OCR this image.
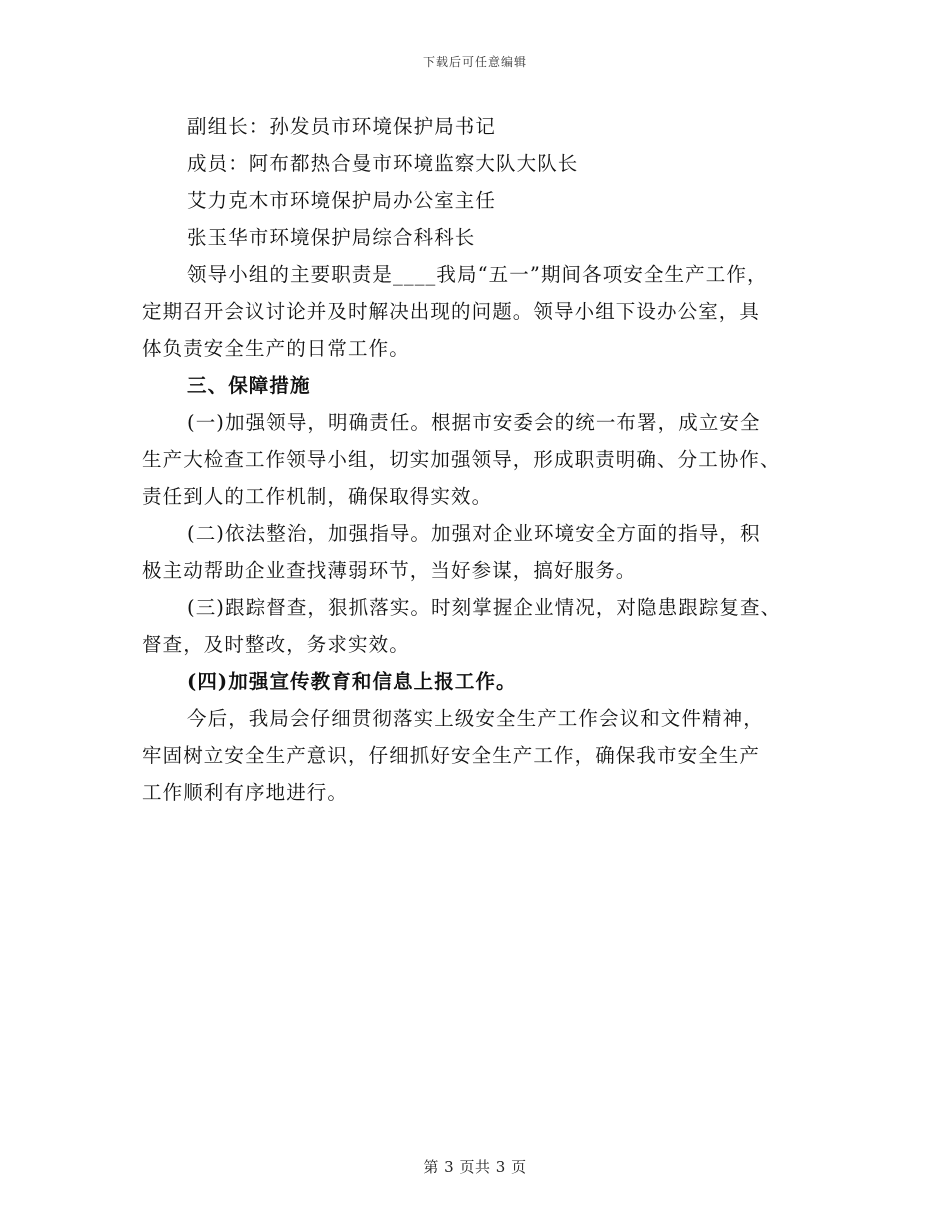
下载后可任意编辑
副组长：孙发员市环境保护局书记
成员：阿布都热合曼市环境监察大队大队长
艾力克木市环境保护局办公室主任
张玉华市环境保护局综合科科长
领导小组的主要职责是____我局“五一”期间各项安全生产工作，
定期召开会议讨论并及时解决出现的问题。领导小组下设办公室，具
体负责安全生产的日常工作。
三、保障措施
(一)加强领导，明确责任。根据市安委会的统一布署，成立安全
生产大检查工作领导小组，切实加强领导，形成职责明确、分工协作、
责任到人的工作机制，确保取得实效。
(二)依法整治，加强指导。加强对企业环境安全方面的指导，积
极主动帮助企业查找薄弱环节，当好参谋，搞好服务。
(三)跟踪督查，狠抓落实。时刻掌握企业情况，对隐患跟踪复查、
督查，及时整改，务求实效。
(四)加强宣传教育和信息上报工作。
今后，我局会仔细贯彻落实上级安全生产工作会议和文件精神，
牢固树立安全生产意识，仔细抓好安全生产工作，确保我市安全生产
工作顺利有序地进行。
第 3 页共 3 页
